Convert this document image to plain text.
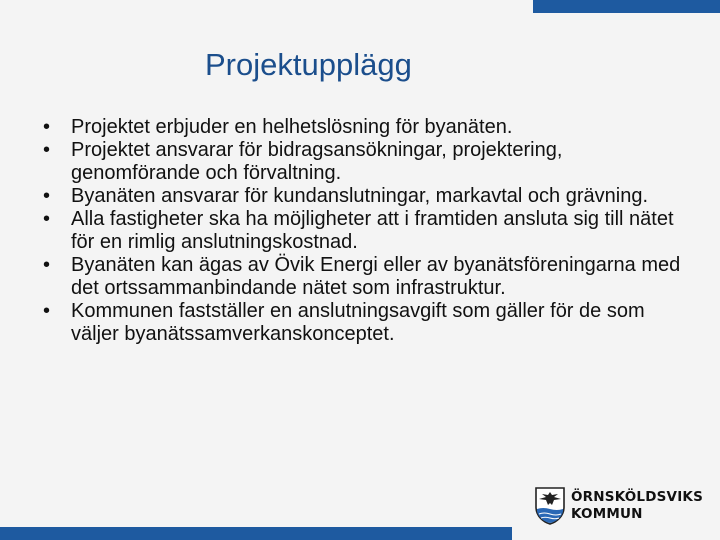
Projektupplägg
• Projektet erbjuder en helhetslösning för byanäten.
• Projektet ansvarar för bidragsansökningar, projektering, genomförande och förvaltning.
• Byanäten ansvarar för kundanslutningar, markavtal och grävning.
• Alla fastigheter ska ha möjligheter att i framtiden ansluta sig till nätet för en rimlig anslutningskostnad.
• Byanäten kan ägas av Övik Energi eller av byanätsföreningarna med det ortssammanbindande nätet som infrastruktur.
• Kommunen fastställer en anslutningsavgift som gäller för de som väljer byanätssamverkanskonceptet.
ÖRNSKÖLDSVIKS
KOMMUN
